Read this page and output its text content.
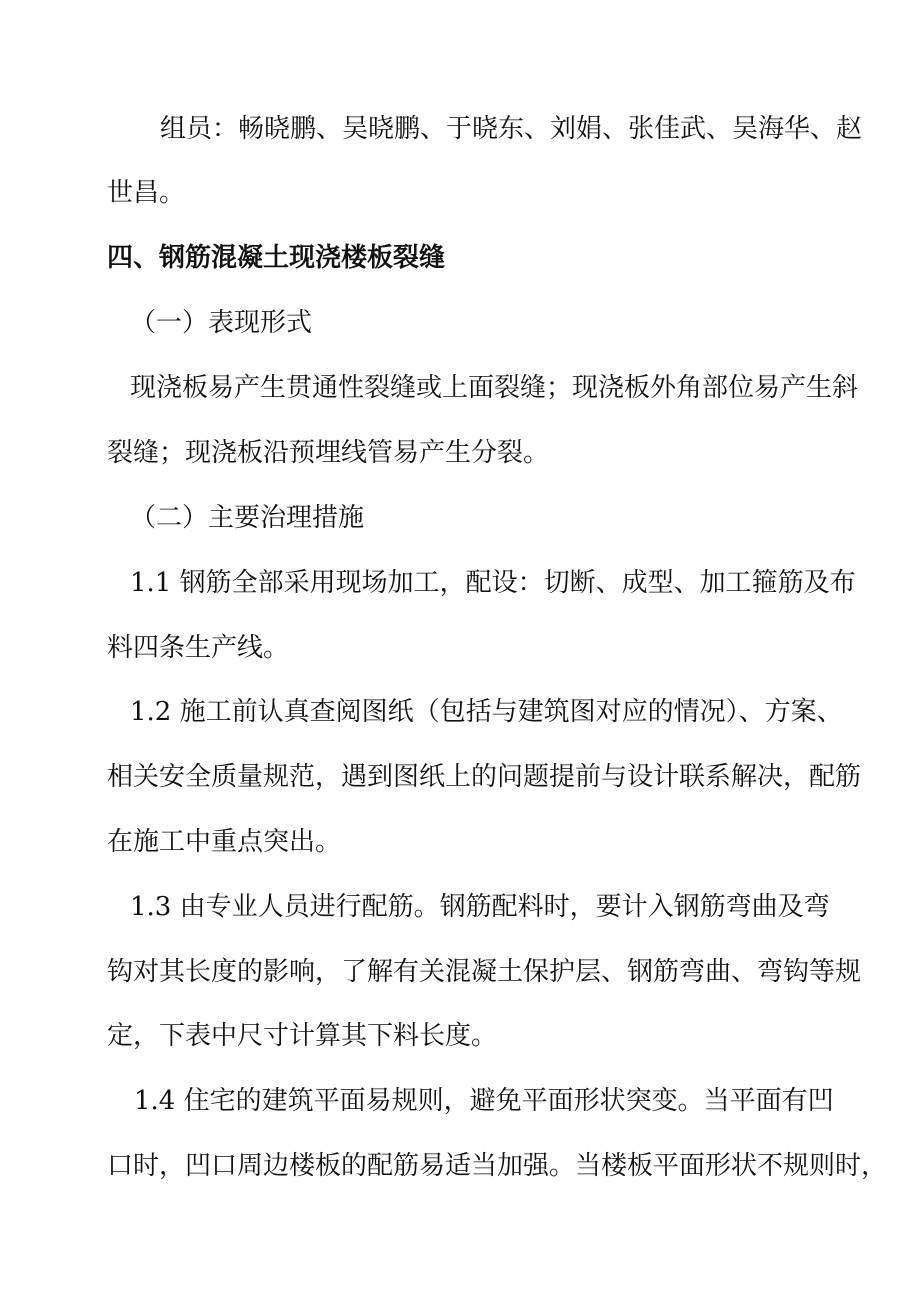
组员：畅晓鹏、吴晓鹏、于晓东、刘娟、张佳武、吴海华、赵
世昌。
四、钢筋混凝土现浇楼板裂缝
（一）表现形式
现浇板易产生贯通性裂缝或上面裂缝；现浇板外角部位易产生斜
裂缝；现浇板沿预埋线管易产生分裂。
（二）主要治理措施
1.1 钢筋全部采用现场加工，配设：切断、成型、加工箍筋及布
料四条生产线。
1.2 施工前认真查阅图纸（包括与建筑图对应的情况）、方案、
相关安全质量规范，遇到图纸上的问题提前与设计联系解决，配筋
在施工中重点突出。
1.3 由专业人员进行配筋。钢筋配料时，要计入钢筋弯曲及弯
钩对其长度的影响，了解有关混凝土保护层、钢筋弯曲、弯钩等规
定，下表中尺寸计算其下料长度。
1.4 住宅的建筑平面易规则，避免平面形状突变。当平面有凹
口时，凹口周边楼板的配筋易适当加强。当楼板平面形状不规则时，
